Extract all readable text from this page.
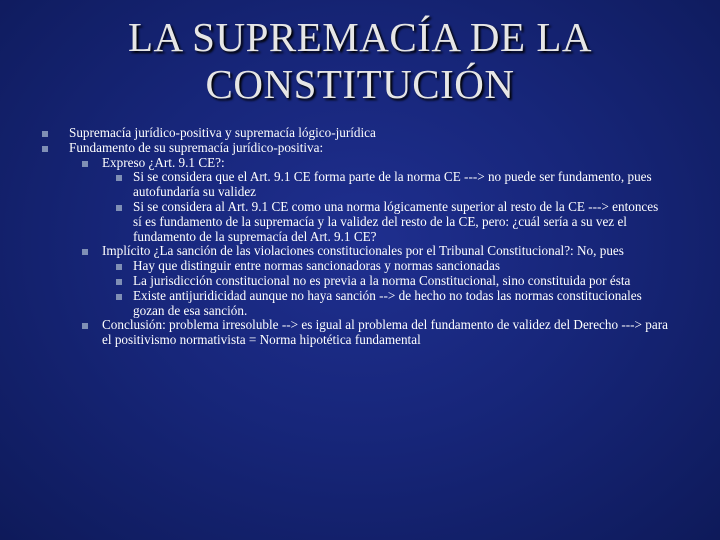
LA SUPREMACÍA DE LA
CONSTITUCIÓN
Supremacía jurídico-positiva y supremacía lógico-jurídica
Fundamento de su supremacía jurídico-positiva:
Expreso ¿Art. 9.1 CE?:
Si se considera que el Art. 9.1 CE forma parte de la norma CE ---> no puede ser fundamento, pues autofundaría su validez
Si se considera al Art. 9.1 CE como una norma lógicamente superior al resto de la CE ---> entonces sí es fundamento de la supremacía y la validez del resto de la CE, pero: ¿cuál sería a su vez el fundamento de la supremacía del Art. 9.1 CE?
Implícito ¿La sanción de las violaciones constitucionales por el Tribunal Constitucional?: No, pues
Hay que distinguir entre normas sancionadoras y normas sancionadas
La jurisdicción constitucional no es previa a la norma Constitucional, sino constituida por ésta
Existe antijuridicidad aunque no haya sanción --> de hecho no todas las normas constitucionales gozan de esa sanción.
Conclusión: problema irresoluble --> es igual al problema del fundamento de validez del Derecho ---> para el positivismo normativista = Norma hipotética fundamental
